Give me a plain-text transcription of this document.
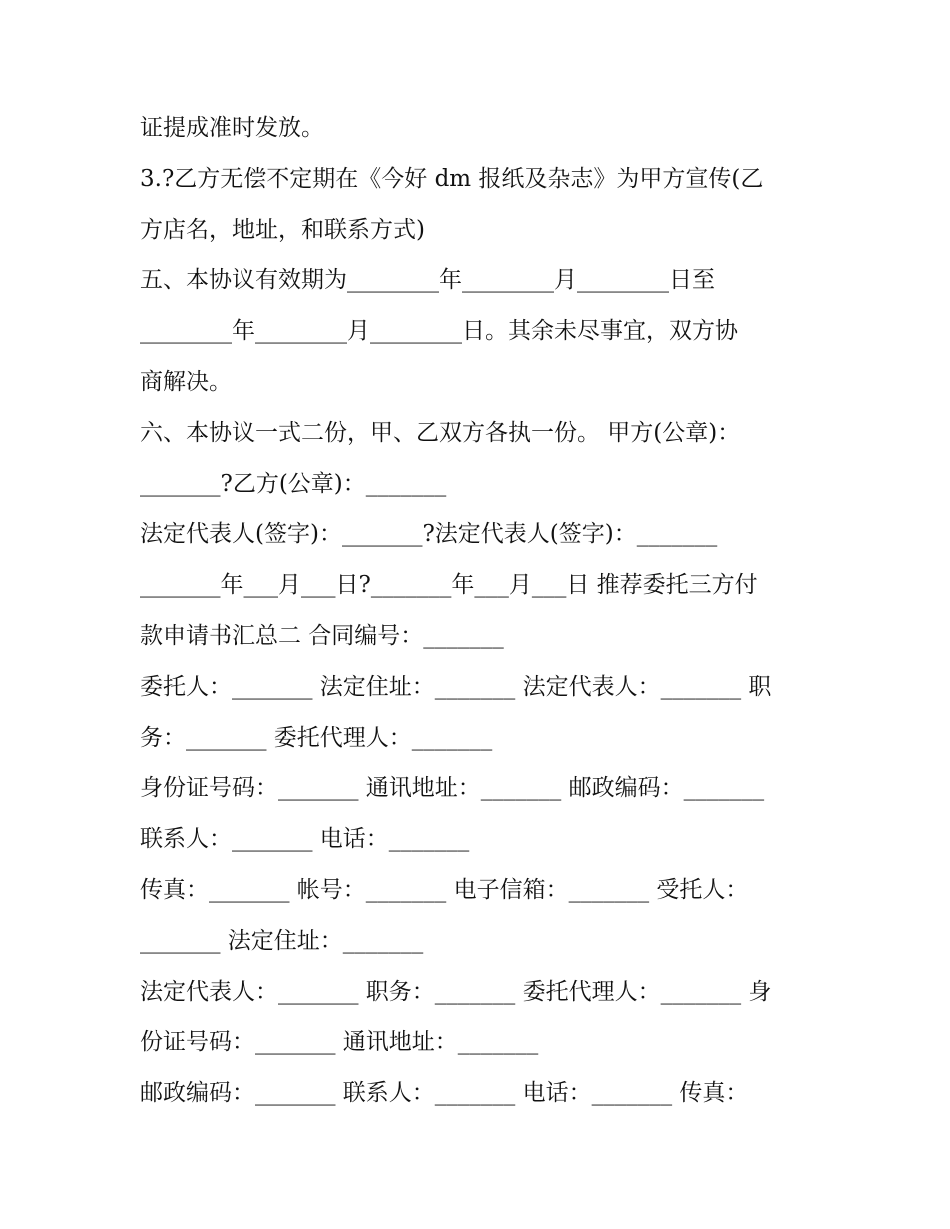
证提成准时发放。
3.?乙方无偿不定期在《今好 dm 报纸及杂志》为甲方宣传(乙
方店名，地址，和联系方式)
五、本协议有效期为________年________月________日至
________年________月________日。其余未尽事宜，双方协
商解决。
六、本协议一式二份，甲、乙双方各执一份。 甲方(公章)：
_______?乙方(公章)：_______
法定代表人(签字)：_______?法定代表人(签字)：_______
_______年___月___日?_______年___月___日 推荐委托三方付
款申请书汇总二 合同编号：_______
委托人：_______ 法定住址：_______ 法定代表人：_______ 职
务：_______ 委托代理人：_______
身份证号码：_______ 通讯地址：_______ 邮政编码：_______
联系人：_______ 电话：_______
传真：_______ 帐号：_______ 电子信箱：_______ 受托人：
_______ 法定住址：_______
法定代表人：_______ 职务：_______ 委托代理人：_______ 身
份证号码：_______ 通讯地址：_______
邮政编码：_______ 联系人：_______ 电话：_______ 传真：
